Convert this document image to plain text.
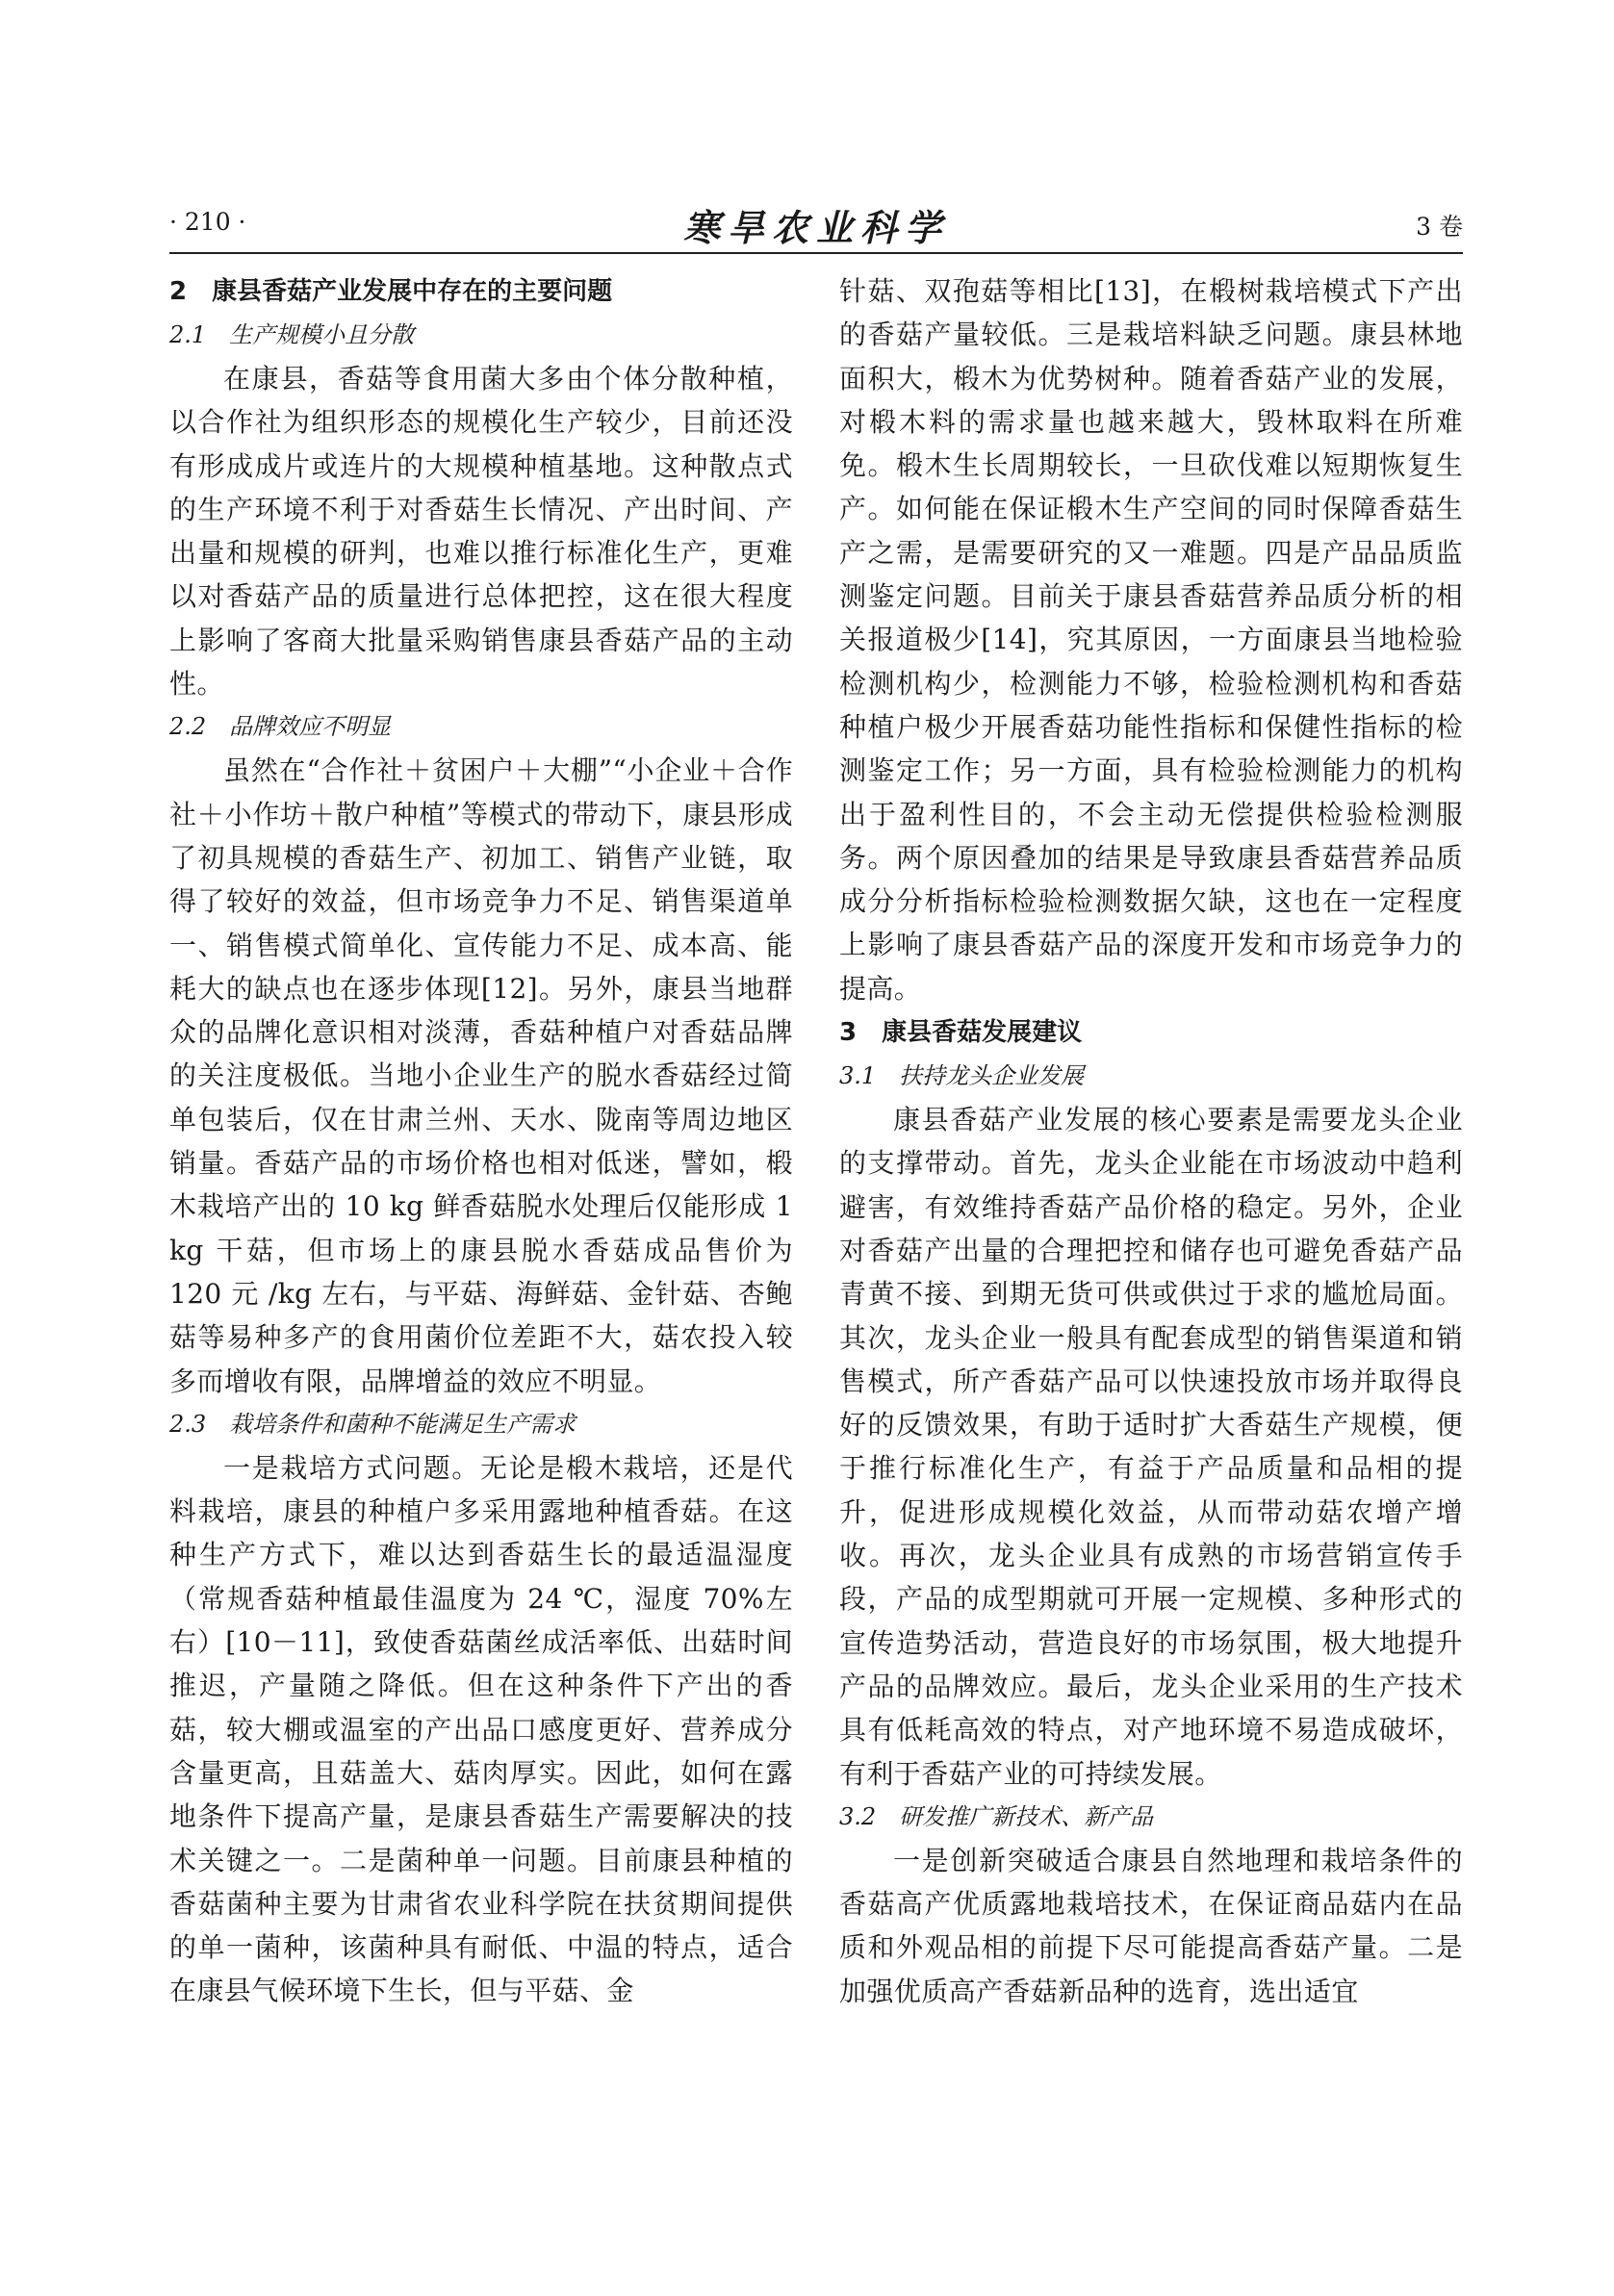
· 210 ·	寒旱农业科学	3 卷
2　康县香菇产业发展中存在的主要问题
2.1　生产规模小且分散

在康县，香菇等食用菌大多由个体分散种植，以合作社为组织形态的规模化生产较少，目前还没有形成成片或连片的大规模种植基地。这种散点式的生产环境不利于对香菇生长情况、产出时间、产出量和规模的研判，也难以推行标准化生产，更难以对香菇产品的质量进行总体把控，这在很大程度上影响了客商大批量采购销售康县香菇产品的主动性。

2.2　品牌效应不明显

虽然在“合作社＋贫困户＋大棚”“小企业＋合作社＋小作坊＋散户种植”等模式的带动下，康县形成了初具规模的香菇生产、初加工、销售产业链，取得了较好的效益，但市场竞争力不足、销售渠道单一、销售模式简单化、宣传能力不足、成本高、能耗大的缺点也在逐步体现[12]。另外，康县当地群众的品牌化意识相对淡薄，香菇种植户对香菇品牌的关注度极低。当地小企业生产的脱水香菇经过简单包装后，仅在甘肃兰州、天水、陇南等周边地区销量。香菇产品的市场价格也相对低迷，譬如，椴木栽培产出的 10 kg 鲜香菇脱水处理后仅能形成 1 kg 干菇，但市场上的康县脱水香菇成品售价为 120 元 /kg 左右，与平菇、海鲜菇、金针菇、杏鲍菇等易种多产的食用菌价位差距不大，菇农投入较多而增收有限，品牌增益的效应不明显。

2.3　栽培条件和菌种不能满足生产需求

一是栽培方式问题。无论是椴木栽培，还是代料栽培，康县的种植户多采用露地种植香菇。在这种生产方式下，难以达到香菇生长的最适温湿度（常规香菇种植最佳温度为 24 ℃，湿度 70%左右）[10－11]，致使香菇菌丝成活率低、出菇时间推迟，产量随之降低。但在这种条件下产出的香菇，较大棚或温室的产出品口感度更好、营养成分含量更高，且菇盖大、菇肉厚实。因此，如何在露地条件下提高产量，是康县香菇生产需要解决的技术关键之一。二是菌种单一问题。目前康县种植的香菇菌种主要为甘肃省农业科学院在扶贫期间提供的单一菌种，该菌种具有耐低、中温的特点，适合在康县气候环境下生长，但与平菇、金

针菇、双孢菇等相比[13]，在椴树栽培模式下产出的香菇产量较低。三是栽培料缺乏问题。康县林地面积大，椴木为优势树种。随着香菇产业的发展，对椴木料的需求量也越来越大，毁林取料在所难免。椴木生长周期较长，一旦砍伐难以短期恢复生产。如何能在保证椴木生产空间的同时保障香菇生产之需，是需要研究的又一难题。四是产品品质监测鉴定问题。目前关于康县香菇营养品质分析的相关报道极少[14]，究其原因，一方面康县当地检验检测机构少，检测能力不够，检验检测机构和香菇种植户极少开展香菇功能性指标和保健性指标的检测鉴定工作；另一方面，具有检验检测能力的机构出于盈利性目的，不会主动无偿提供检验检测服务。两个原因叠加的结果是导致康县香菇营养品质成分分析指标检验检测数据欠缺，这也在一定程度上影响了康县香菇产品的深度开发和市场竞争力的提高。

3　康县香菇发展建议
3.1　扶持龙头企业发展

康县香菇产业发展的核心要素是需要龙头企业的支撑带动。首先，龙头企业能在市场波动中趋利避害，有效维持香菇产品价格的稳定。另外，企业对香菇产出量的合理把控和储存也可避免香菇产品青黄不接、到期无货可供或供过于求的尴尬局面。其次，龙头企业一般具有配套成型的销售渠道和销售模式，所产香菇产品可以快速投放市场并取得良好的反馈效果，有助于适时扩大香菇生产规模，便于推行标准化生产，有益于产品质量和品相的提升，促进形成规模化效益，从而带动菇农增产增收。再次，龙头企业具有成熟的市场营销宣传手段，产品的成型期就可开展一定规模、多种形式的宣传造势活动，营造良好的市场氛围，极大地提升产品的品牌效应。最后，龙头企业采用的生产技术具有低耗高效的特点，对产地环境不易造成破坏，有利于香菇产业的可持续发展。

3.2　研发推广新技术、新产品

一是创新突破适合康县自然地理和栽培条件的香菇高产优质露地栽培技术，在保证商品菇内在品质和外观品相的前提下尽可能提高香菇产量。二是加强优质高产香菇新品种的选育，选出适宜
